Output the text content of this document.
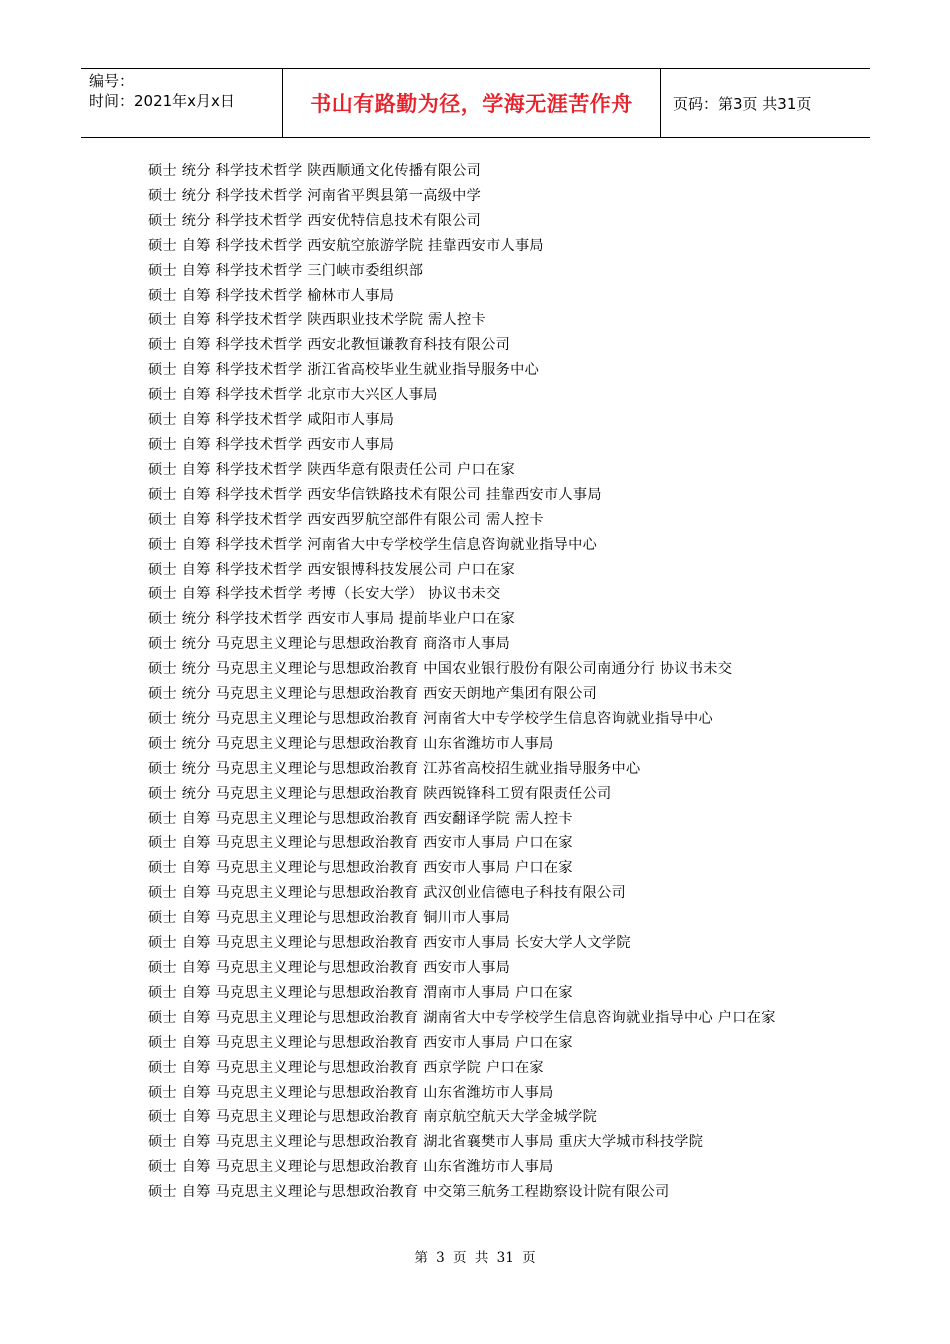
编号：
时间：2021年x月x日	书山有路勤为径，学海无涯苦作舟	页码：第3页 共31页
硕士 统分 科学技术哲学 陕西顺通文化传播有限公司
硕士 统分 科学技术哲学 河南省平舆县第一高级中学
硕士 统分 科学技术哲学 西安优特信息技术有限公司
硕士 自筹 科学技术哲学 西安航空旅游学院 挂靠西安市人事局
硕士 自筹 科学技术哲学 三门峡市委组织部
硕士 自筹 科学技术哲学 榆林市人事局
硕士 自筹 科学技术哲学 陕西职业技术学院 需人控卡
硕士 自筹 科学技术哲学 西安北教恒谦教育科技有限公司
硕士 自筹 科学技术哲学 浙江省高校毕业生就业指导服务中心
硕士 自筹 科学技术哲学 北京市大兴区人事局
硕士 自筹 科学技术哲学 咸阳市人事局
硕士 自筹 科学技术哲学 西安市人事局
硕士 自筹 科学技术哲学 陕西华意有限责任公司 户口在家
硕士 自筹 科学技术哲学 西安华信铁路技术有限公司 挂靠西安市人事局
硕士 自筹 科学技术哲学 西安西罗航空部件有限公司 需人控卡
硕士 自筹 科学技术哲学 河南省大中专学校学生信息咨询就业指导中心
硕士 自筹 科学技术哲学 西安银博科技发展公司 户口在家
硕士 自筹 科学技术哲学 考博（长安大学） 协议书未交
硕士 统分 科学技术哲学 西安市人事局 提前毕业户口在家
硕士 统分 马克思主义理论与思想政治教育 商洛市人事局
硕士 统分 马克思主义理论与思想政治教育 中国农业银行股份有限公司南通分行 协议书未交
硕士 统分 马克思主义理论与思想政治教育 西安天朗地产集团有限公司
硕士 统分 马克思主义理论与思想政治教育 河南省大中专学校学生信息咨询就业指导中心
硕士 统分 马克思主义理论与思想政治教育 山东省潍坊市人事局
硕士 统分 马克思主义理论与思想政治教育 江苏省高校招生就业指导服务中心
硕士 统分 马克思主义理论与思想政治教育 陕西锐锋科工贸有限责任公司
硕士 自筹 马克思主义理论与思想政治教育 西安翻译学院 需人控卡
硕士 自筹 马克思主义理论与思想政治教育 西安市人事局 户口在家
硕士 自筹 马克思主义理论与思想政治教育 西安市人事局 户口在家
硕士 自筹 马克思主义理论与思想政治教育 武汉创业信德电子科技有限公司
硕士 自筹 马克思主义理论与思想政治教育 铜川市人事局
硕士 自筹 马克思主义理论与思想政治教育 西安市人事局 长安大学人文学院
硕士 自筹 马克思主义理论与思想政治教育 西安市人事局
硕士 自筹 马克思主义理论与思想政治教育 渭南市人事局 户口在家
硕士 自筹 马克思主义理论与思想政治教育 湖南省大中专学校学生信息咨询就业指导中心 户口在家
硕士 自筹 马克思主义理论与思想政治教育 西安市人事局 户口在家
硕士 自筹 马克思主义理论与思想政治教育 西京学院 户口在家
硕士 自筹 马克思主义理论与思想政治教育 山东省潍坊市人事局
硕士 自筹 马克思主义理论与思想政治教育 南京航空航天大学金城学院
硕士 自筹 马克思主义理论与思想政治教育 湖北省襄樊市人事局 重庆大学城市科技学院
硕士 自筹 马克思主义理论与思想政治教育 山东省潍坊市人事局
硕士 自筹 马克思主义理论与思想政治教育 中交第三航务工程勘察设计院有限公司
第 3 页 共 31 页
